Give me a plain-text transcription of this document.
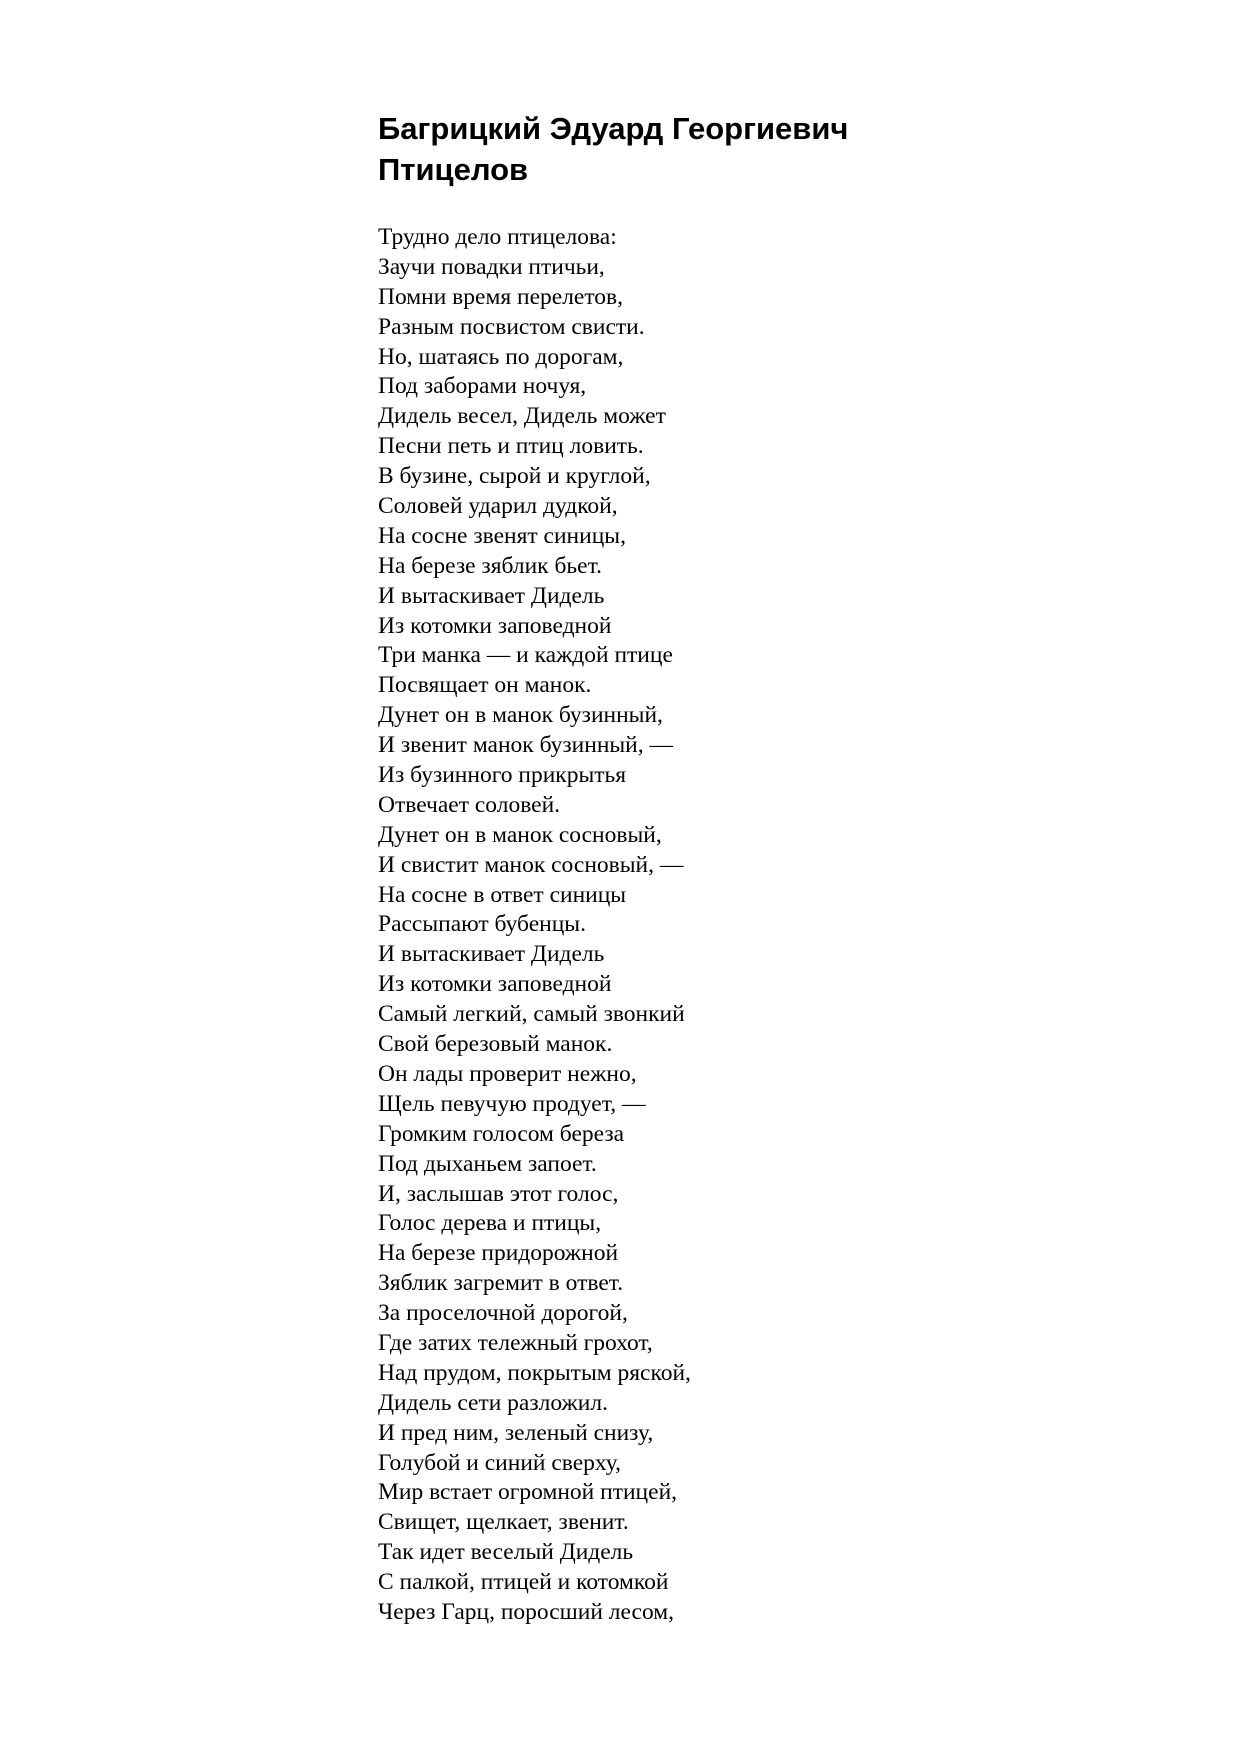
Багрицкий Эдуард Георгиевич
Птицелов
Трудно дело птицелова:
Заучи повадки птичьи,
Помни время перелетов,
Разным посвистом свисти.
Но, шатаясь по дорогам,
Под заборами ночуя,
Дидель весел, Дидель может
Песни петь и птиц ловить.
В бузине, сырой и круглой,
Соловей ударил дудкой,
На сосне звенят синицы,
На березе зяблик бьет.
И вытаскивает Дидель
Из котомки заповедной
Три манка — и каждой птице
Посвящает он манок.
Дунет он в манок бузинный,
И звенит манок бузинный, —
Из бузинного прикрытья
Отвечает соловей.
Дунет он в манок сосновый,
И свистит манок сосновый, —
На сосне в ответ синицы
Рассыпают бубенцы.
И вытаскивает Дидель
Из котомки заповедной
Самый легкий, самый звонкий
Свой березовый манок.
Он лады проверит нежно,
Щель певучую продует, —
Громким голосом береза
Под дыханьем запоет.
И, заслышав этот голос,
Голос дерева и птицы,
На березе придорожной
Зяблик загремит в ответ.
За проселочной дорогой,
Где затих тележный грохот,
Над прудом, покрытым ряской,
Дидель сети разложил.
И пред ним, зеленый снизу,
Голубой и синий сверху,
Мир встает огромной птицей,
Свищет, щелкает, звенит.
Так идет веселый Дидель
С палкой, птицей и котомкой
Через Гарц, поросший лесом,
